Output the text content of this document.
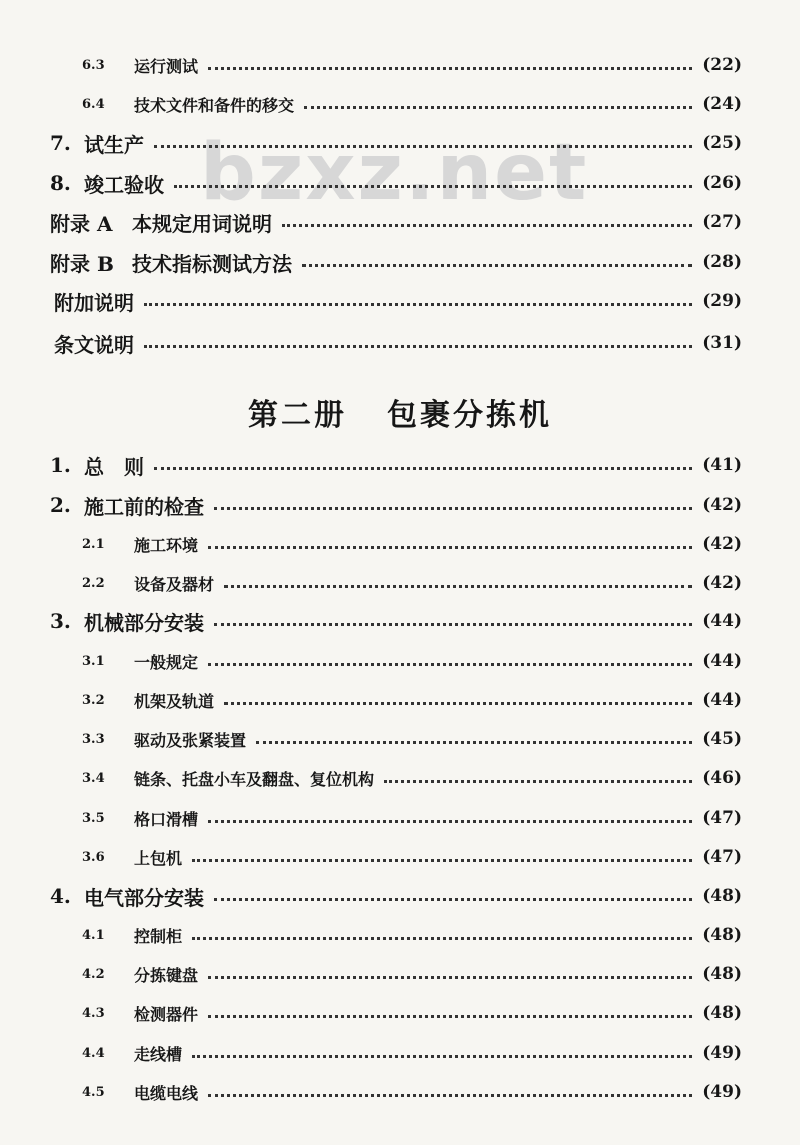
bzxz.net
6.3	运行测试	( 22 )
6.4	技术文件和备件的移交	( 24 )
7. 试生产	( 25 )
8. 竣工验收	( 26 )
附录 A 本规定用词说明	( 27 )
附录 B 技术指标测试方法	( 28 )
附加说明	( 29 )
条文说明	( 31 )
第二册 包裹分拣机
1. 总　则	( 41 )
2. 施工前的检查	( 42 )
2.1	施工环境	( 42 )
2.2	设备及器材	( 42 )
3. 机械部分安装	( 44 )
3.1	一般规定	( 44 )
3.2	机架及轨道	( 44 )
3.3	驱动及张紧装置	( 45 )
3.4	链条、托盘小车及翻盘、复位机构	( 46 )
3.5	格口滑槽	( 47 )
3.6	上包机	( 47 )
4. 电气部分安装	( 48 )
4.1	控制柜	( 48 )
4.2	分拣键盘	( 48 )
4.3	检测器件	( 48 )
4.4	走线槽	( 49 )
4.5	电缆电线	( 49 )
